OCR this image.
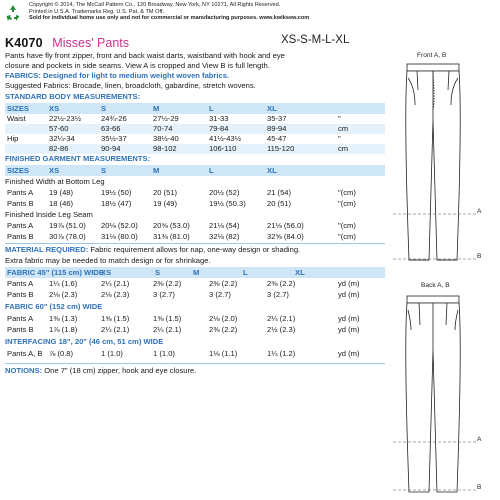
Copyright © 2014, The McCall Pattern Co., 120 Broadway, New York, NY 10271, All Rights Reserved.
Printed in U.S.A. Trademarks Reg. U.S. Pat. & TM Off.
Sold for individual home use only and not for commercial or manufacturing purposes. www.kwiksew.com
K4070 Misses' Pants	XS-S-M-L-XL
Pants have fly front zipper, front and back waist darts, waistband with hook and eye
closure and pockets in side seams. View A is cropped and View B is full length.
FABRICS: Designed for light to medium weight woven fabrics.
Suggested Fabrics: Brocade, linen, broadcloth, gabardine, stretch wovens.
STANDARD BODY MEASUREMENTS:
SIZES	XS	S	M	L	XL
Waist	22½-23½	24¾-26	27½-29	31-33	35-37	"
57-60	63-66	70-74	79-84	89-94	cm
Hip	32¼-34	35½-37	38½-40	41½-43½	45-47	"
82-86	90-94	98-102	106-110	115-120	cm
FINISHED GARMENT MEASUREMENTS:
SIZES	XS	S	M	L	XL
Finished Width at Bottom Leg
Pants A 19 (48)	19½ (50)	20 (51)	20½ (52)	21 (54)	"(cm)
Pants B 18 (46)	18½ (47)	19 (49)	19½ (50.3)	20 (51)	"(cm)
Finished Inside Leg Seam
Pants A 19⅞ (51.0) 20⅛ (52.0) 20⅝ (53.0)	21⅛ (54)	21⅛ (56.0)	"(cm)
Pants B 30⅞ (78.0) 31⅛ (80.0) 31⅜ (81.0)	32⅛ (82)	32⅝ (84.0)	"(cm)
MATERIAL REQUIRED: Fabric requirement allows for nap, one-way design or shading.
Extra fabric may be needed to match design or for shrinkage.
FABRIC 45" (115 cm) WIDE
XS	S	M	L	XL
Pants A 1¼ (1.6)	2¼ (2.1)	2⅜ (2.2)	2⅜ (2.2)	2⅜ (2.2)	yd (m)
Pants B 2⅛ (2.3)	2⅛ (2.3)	3 (2.7)	3 (2.7)	3 (2.7)	yd (m)
FABRIC 60" (152 cm) WIDE
Pants A 1⅜ (1.3)	1⅝ (1.5)	1⅝ (1.5)	2⅛ (2.0)	2¼ (2.1)	yd (m)
Pants B 1⅞ (1.8)	2¼ (2.1)	2¼ (2.1)	2⅜ (2.2)	2½ (2.3)	yd (m)
INTERFACING 18", 20" (46 cm, 51 cm) WIDE
Pants A, B ⅞ (0.8)	1 (1.0)	1 (1.0)	1⅛ (1.1)	1¼ (1.2)	yd (m)
NOTIONS: One 7" (18 cm) zipper, hook and eye closure.
Front A, B
Back A, B
A
B
A
B
